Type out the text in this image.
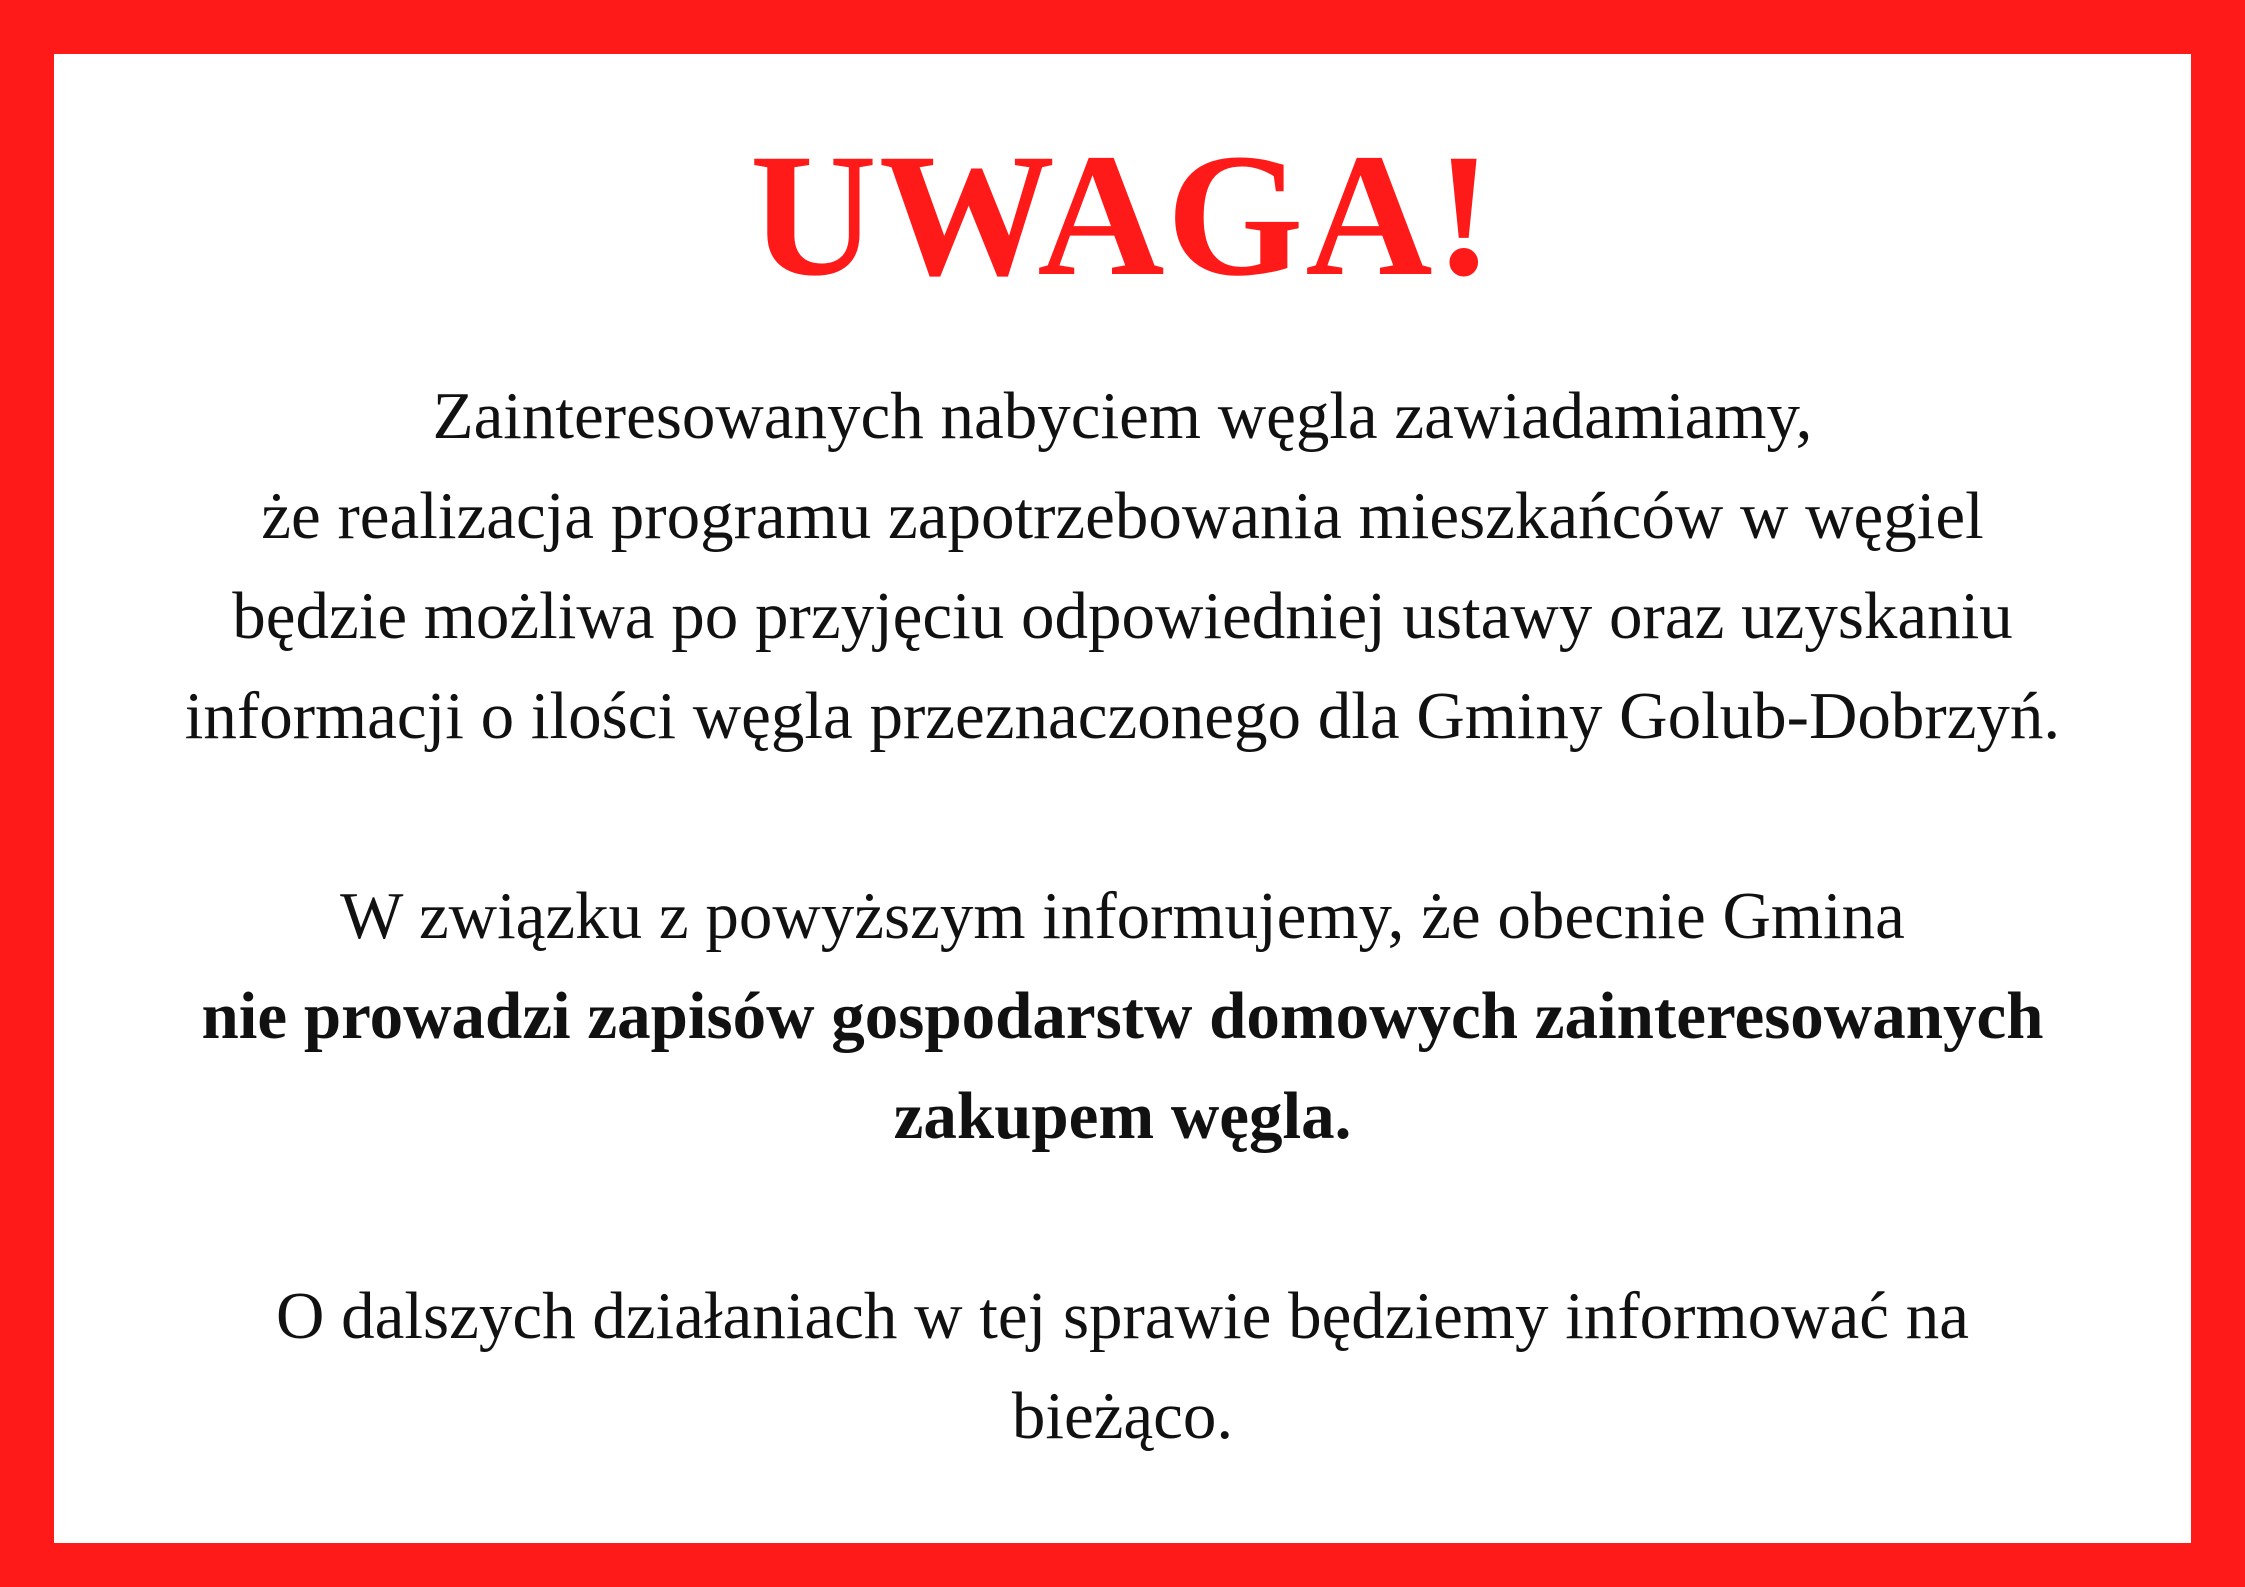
UWAGA!

Zainteresowanych nabyciem węgla zawiadamiamy,
że realizacja programu zapotrzebowania mieszkańców w węgiel
będzie możliwa po przyjęciu odpowiedniej ustawy oraz uzyskaniu
informacji o ilości węgla przeznaczonego dla Gminy Golub-Dobrzyń.

W związku z powyższym informujemy, że obecnie Gmina
nie prowadzi zapisów gospodarstw domowych zainteresowanych
zakupem węgla.

O dalszych działaniach w tej sprawie będziemy informować na
bieżąco.
